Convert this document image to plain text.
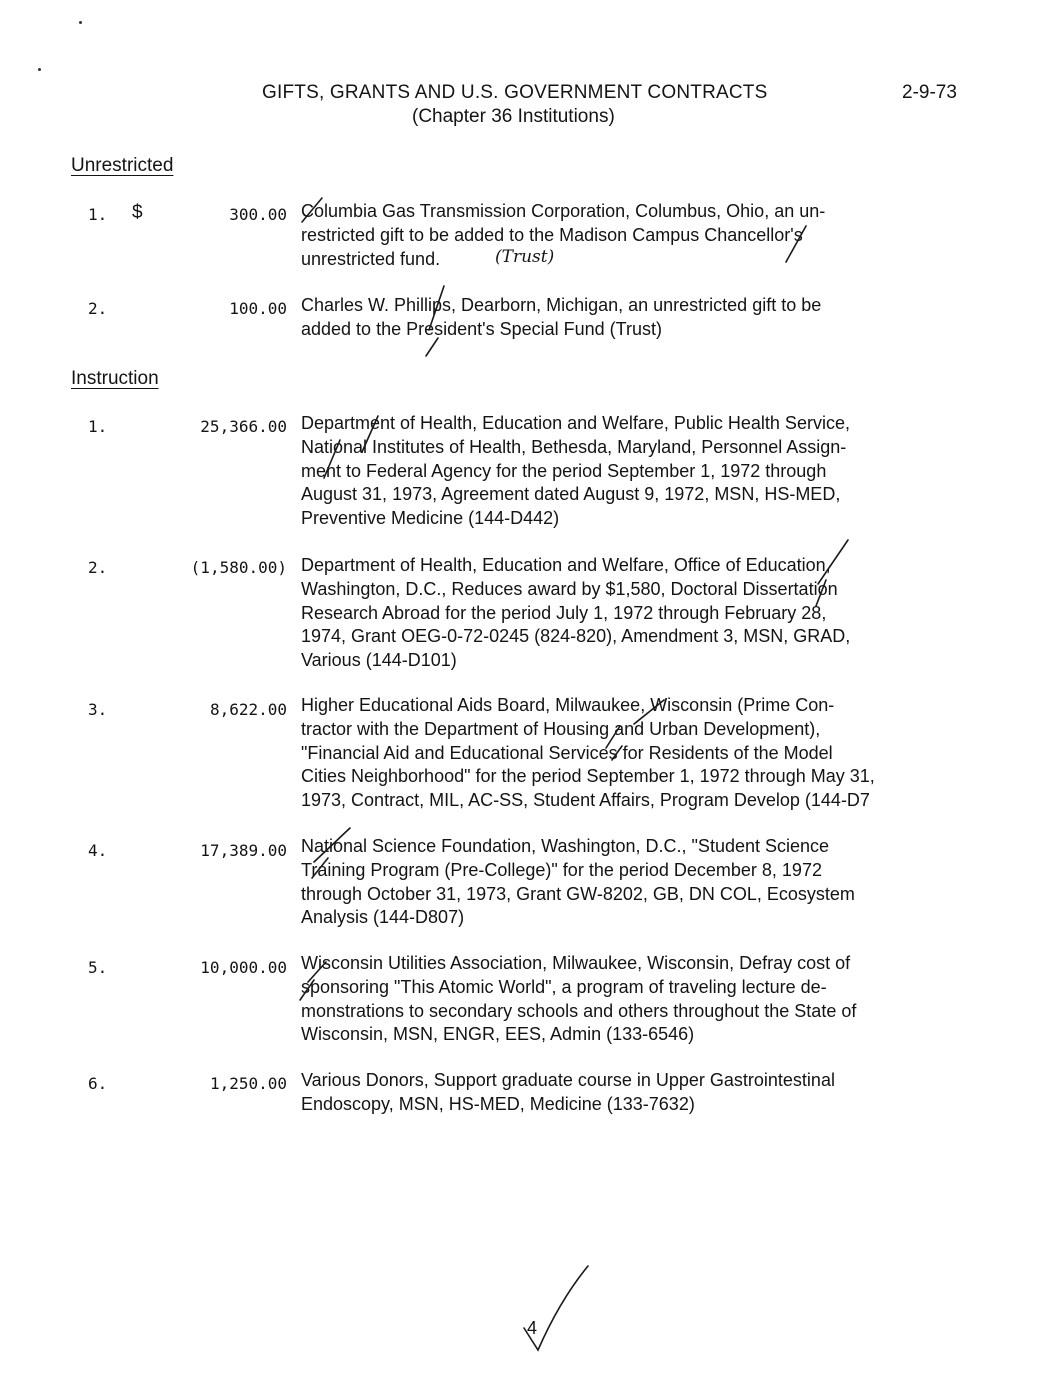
GIFTS, GRANTS AND U.S. GOVERNMENT CONTRACTS
(Chapter 36 Institutions)
2-9-73
Unrestricted
1. $	300.00 Columbia Gas Transmission Corporation, Columbus, Ohio, an un-
restricted gift to be added to the Madison Campus Chancellor's
unrestricted fund.	(Trust)
2.	100.00 Charles W. Phillips, Dearborn, Michigan, an unrestricted gift to be
added to the President's Special Fund (Trust)
Instruction
1.	25,366.00 Department of Health, Education and Welfare, Public Health Service,
National Institutes of Health, Bethesda, Maryland, Personnel Assign-
ment to Federal Agency for the period September 1, 1972 through
August 31, 1973, Agreement dated August 9, 1972, MSN, HS-MED,
Preventive Medicine (144-D442)
2.	(1,580.00) Department of Health, Education and Welfare, Office of Education,
Washington, D.C., Reduces award by $1,580, Doctoral Dissertation
Research Abroad for the period July 1, 1972 through February 28,
1974, Grant OEG-0-72-0245 (824-820), Amendment 3, MSN, GRAD,
Various (144-D101)
3.	8,622.00 Higher Educational Aids Board, Milwaukee, Wisconsin (Prime Con-
tractor with the Department of Housing and Urban Development),
"Financial Aid and Educational Services for Residents of the Model
Cities Neighborhood" for the period September 1, 1972 through May 31,
1973, Contract, MIL, AC-SS, Student Affairs, Program Develop (144-D7
4.	17,389.00 National Science Foundation, Washington, D.C., "Student Science
Training Program (Pre-College)" for the period December 8, 1972
through October 31, 1973, Grant GW-8202, GB, DN COL, Ecosystem
Analysis (144-D807)
5.	10,000.00 Wisconsin Utilities Association, Milwaukee, Wisconsin, Defray cost of
sponsoring "This Atomic World", a program of traveling lecture de-
monstrations to secondary schools and others throughout the State of
Wisconsin, MSN, ENGR, EES, Admin (133-6546)
6.	1,250.00 Various Donors, Support graduate course in Upper Gastrointestinal
Endoscopy, MSN, HS-MED, Medicine (133-7632)
4
